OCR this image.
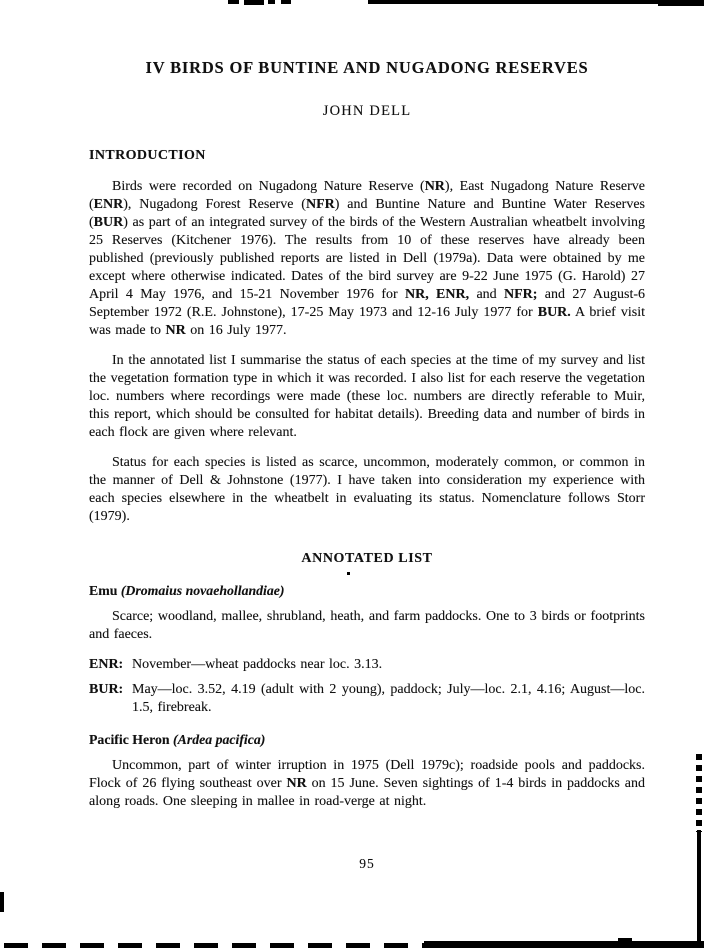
IV BIRDS OF BUNTINE AND NUGADONG RESERVES
JOHN DELL
INTRODUCTION

Birds were recorded on Nugadong Nature Reserve (NR), East Nugadong Nature Reserve (ENR), Nugadong Forest Reserve (NFR) and Buntine Nature and Buntine Water Reserves (BUR) as part of an integrated survey of the birds of the Western Australian wheatbelt involving 25 Reserves (Kitchener 1976). The results from 10 of these reserves have already been published (previously published reports are listed in Dell (1979a). Data were obtained by me except where otherwise indicated. Dates of the bird survey are 9-22 June 1975 (G. Harold) 27 April 4 May 1976, and 15-21 November 1976 for NR, ENR, and NFR; and 27 August-6 September 1972 (R.E. Johnstone), 17-25 May 1973 and 12-16 July 1977 for BUR. A brief visit was made to NR on 16 July 1977.

In the annotated list I summarise the status of each species at the time of my survey and list the vegetation formation type in which it was recorded. I also list for each reserve the vegetation loc. numbers where recordings were made (these loc. numbers are directly referable to Muir, this report, which should be consulted for habitat details). Breeding data and number of birds in each flock are given where relevant.

Status for each species is listed as scarce, uncommon, moderately common, or common in the manner of Dell & Johnstone (1977). I have taken into consideration my experience with each species elsewhere in the wheatbelt in evaluating its status. Nomenclature follows Storr (1979).

ANNOTATED LIST
Emu (Dromaius novaehollandiae)

Scarce; woodland, mallee, shrubland, heath, and farm paddocks. One to 3 birds or footprints and faeces.

ENR: November—wheat paddocks near loc. 3.13.
BUR: May—loc. 3.52, 4.19 (adult with 2 young), paddock; July—loc. 2.1, 4.16; August—loc. 1.5, firebreak.
Pacific Heron (Ardea pacifica)

Uncommon, part of winter irruption in 1975 (Dell 1979c); roadside pools and paddocks. Flock of 26 flying southeast over NR on 15 June. Seven sightings of 1-4 birds in paddocks and along roads. One sleeping in mallee in road-verge at night.

95
